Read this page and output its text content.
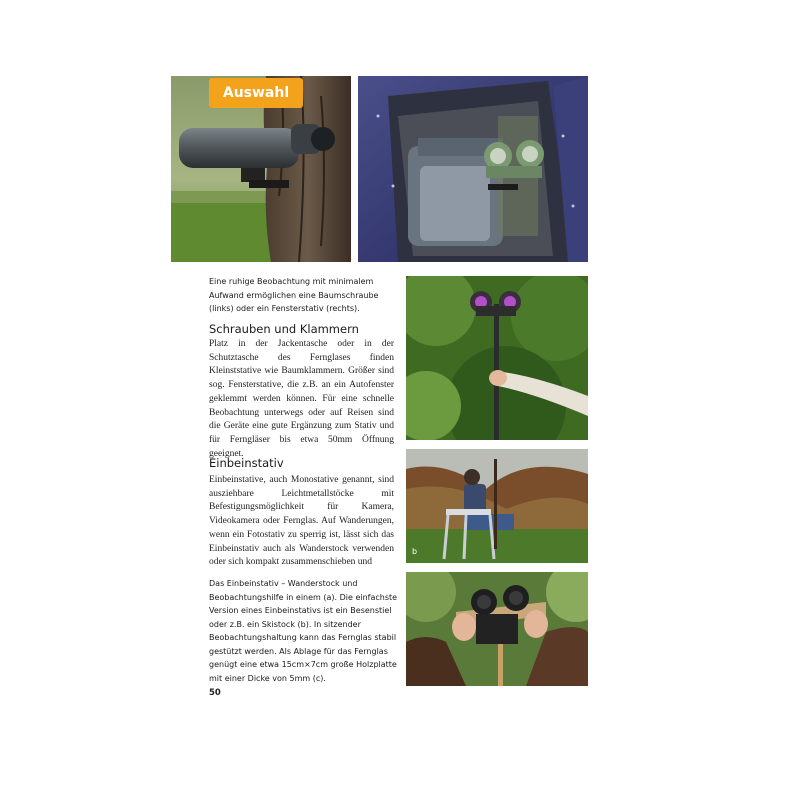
Auswahl

Eine ruhige Beobachtung mit minimalem Aufwand ermöglichen eine Baumschraube (links) oder ein Fensterstativ (rechts).

Schrauben und Klammern

Platz in der Jackentasche oder in der Schutztasche des Fernglases finden Kleinststative wie Baumklammern. Größer sind sog. Fensterstative, die z.B. an ein Autofenster geklemmt werden können. Für eine schnelle Beobachtung unterwegs oder auf Reisen sind die Geräte eine gute Ergänzung zum Stativ und für Ferngläser bis etwa 50mm Öffnung geeignet.

Einbeinstativ

Einbeinstative, auch Monostative genannt, sind ausziehbare Leichtmetallstöcke mit Befestigungsmöglichkeit für Kamera, Videokamera oder Fernglas. Auf Wanderungen, wenn ein Fotostativ zu sperrig ist, lässt sich das Einbeinstativ auch als Wanderstock verwenden oder sich kompakt zusammenschieben und

b

Das Einbeinstativ – Wanderstock und Beobachtungshilfe in einem (a). Die einfachste Version eines Einbeinstativs ist ein Besenstiel oder z.B. ein Skistock (b). In sitzender Beobachtungshaltung kann das Fernglas stabil gestützt werden. Als Ablage für das Fernglas genügt eine etwa 15cm×7cm große Holzplatte mit einer Dicke von 5mm (c).

50
